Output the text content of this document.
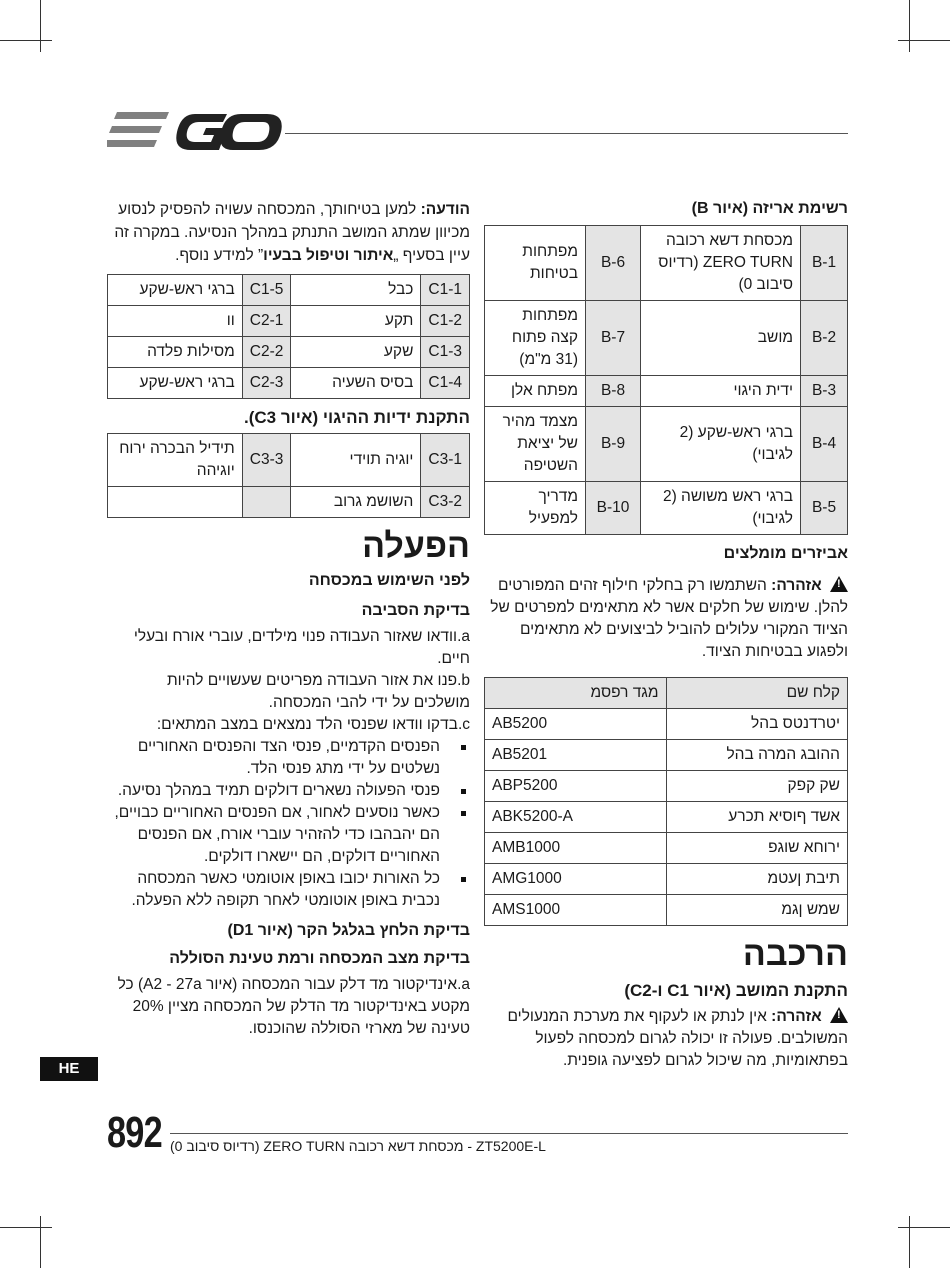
רשימת אריזה (איור B)
B-1	מכסחת דשא רכובה ZERO TURN (רדיוס סיבוב 0)	B-6	מפתחות בטיחות
B-2	מושב	B-7	מפתחות קצה פתוח (31 מ"מ)
B-3	ידית היגוי	B-8	מפתח אלן
B-4	ברגי ראש-שקע (2 לגיבוי)	B-9	מצמד מהיר של יציאת השטיפה
B-5	ברגי ראש משושה (2 לגיבוי)	B-10	מדריך למפעיל
אביזרים מומלצים

! אזהרה: השתמשו רק בחלקי חילוף זהים המפורטים להלן. שימוש של חלקים אשר לא מתאימים למפרטים של הציוד המקורי עלולים להוביל לביצועים לא מתאימים ולפגוע בבטיחות הציוד.

קלח שם	מגד רפסמ
יטרדנטס בהל	AB5200
ההובג המרה בהל	AB5201
שק קפק	ABP5200
אשד ףוסיא תכרע	ABK5200-A
ירוחא שוגפ	AMB1000
תיבת ןעטמ	AMG1000
שמש ןגמ	AMS1000

הרכבה

התקנת המושב (איור C1 ו-C2)

! אזהרה: אין לנתק או לעקוף את מערכת המנעולים המשולבים. פעולה זו יכולה לגרום למכסחה לפעול בפתאומיות, מה שיכול לגרום לפציעה גופנית.

הודעה: למען בטיחותך, המכסחה עשויה להפסיק לנסוע מכיוון שמתג המושב התנתק במהלך הנסיעה. במקרה זה עיין בסעיף „איתור וטיפול בבעיו” למידע נוסף.

C1-1	כבל	C1-5	ברגי ראש-שקע
C1-2	תקע	C2-1	וו
C1-3	שקע	C2-2	מסילות פלדה
C1-4	בסיס השעיה	C2-3	ברגי ראש-שקע
התקנת ידיות ההיגוי (איור C3).
C3-1	יוגיה תוידי	C3-3	תידיל הבכרה ירוח יוגיהה
C3-2	השושמ גרוב		

הפעלה

לפני השימוש במכסחה
בדיקת הסביבה
a.וודאו שאזור העבודה פנוי מילדים, עוברי אורח ובעלי חיים.
b.פנו את אזור העבודה מפריטים שעשויים להיות מושלכים על ידי להבי המכסחה.
c.בדקו וודאו שפנסי הלד נמצאים במצב המתאים:
הפנסים הקדמיים, פנסי הצד והפנסים האחוריים נשלטים על ידי מתג פנסי הלד.
פנסי הפעולה נשארים דולקים תמיד במהלך נסיעה.
כאשר נוסעים לאחור, אם הפנסים האחוריים כבויים, הם יהבהבו כדי להזהיר עוברי אורח, אם הפנסים האחוריים דולקים, הם יישארו דולקים.
כל האורות יכובו באופן אוטומטי כאשר המכסחה נכבית באופן אוטומטי לאחר תקופה ללא הפעלה.
בדיקת הלחץ בגלגל הקר (איור D1)
בדיקת מצב המכסחה ורמת טעינת הסוללה

a.אינדיקטור מד דלק עבור המכסחה (איור A2 - 27a) כל מקטע באינדיקטור מד הדלק של המכסחה מציין 20% טעינה של מארזי הסוללה שהוכנסו.

HE
892 ZT5200E-L - מכסחת דשא רכובה ZERO TURN (רדיוס סיבוב 0)
